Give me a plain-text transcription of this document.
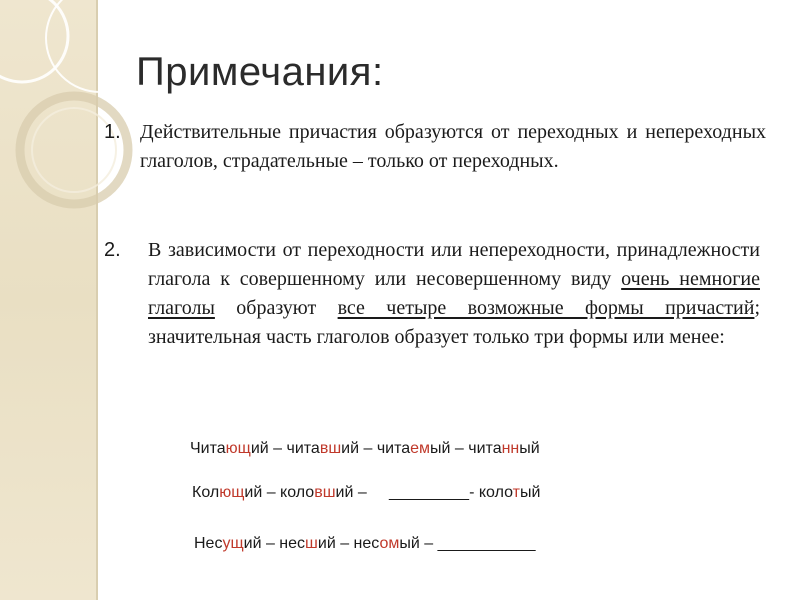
Примечания:
1. Действительные причастия образуются от переходных и непереходных глаголов, страдательные – только от переходных.
2. В зависимости от переходности или непереходности, принадлежности глагола к совершенному или несовершенному виду очень немногие глаголы образуют все четыре возможные формы причастий; значительная часть глаголов образует только три формы или менее:
Читающий – читавший – читаемый – читанный
Колющий – коловший –     _________- колотый
Несущий – несший – несомый – ___________
